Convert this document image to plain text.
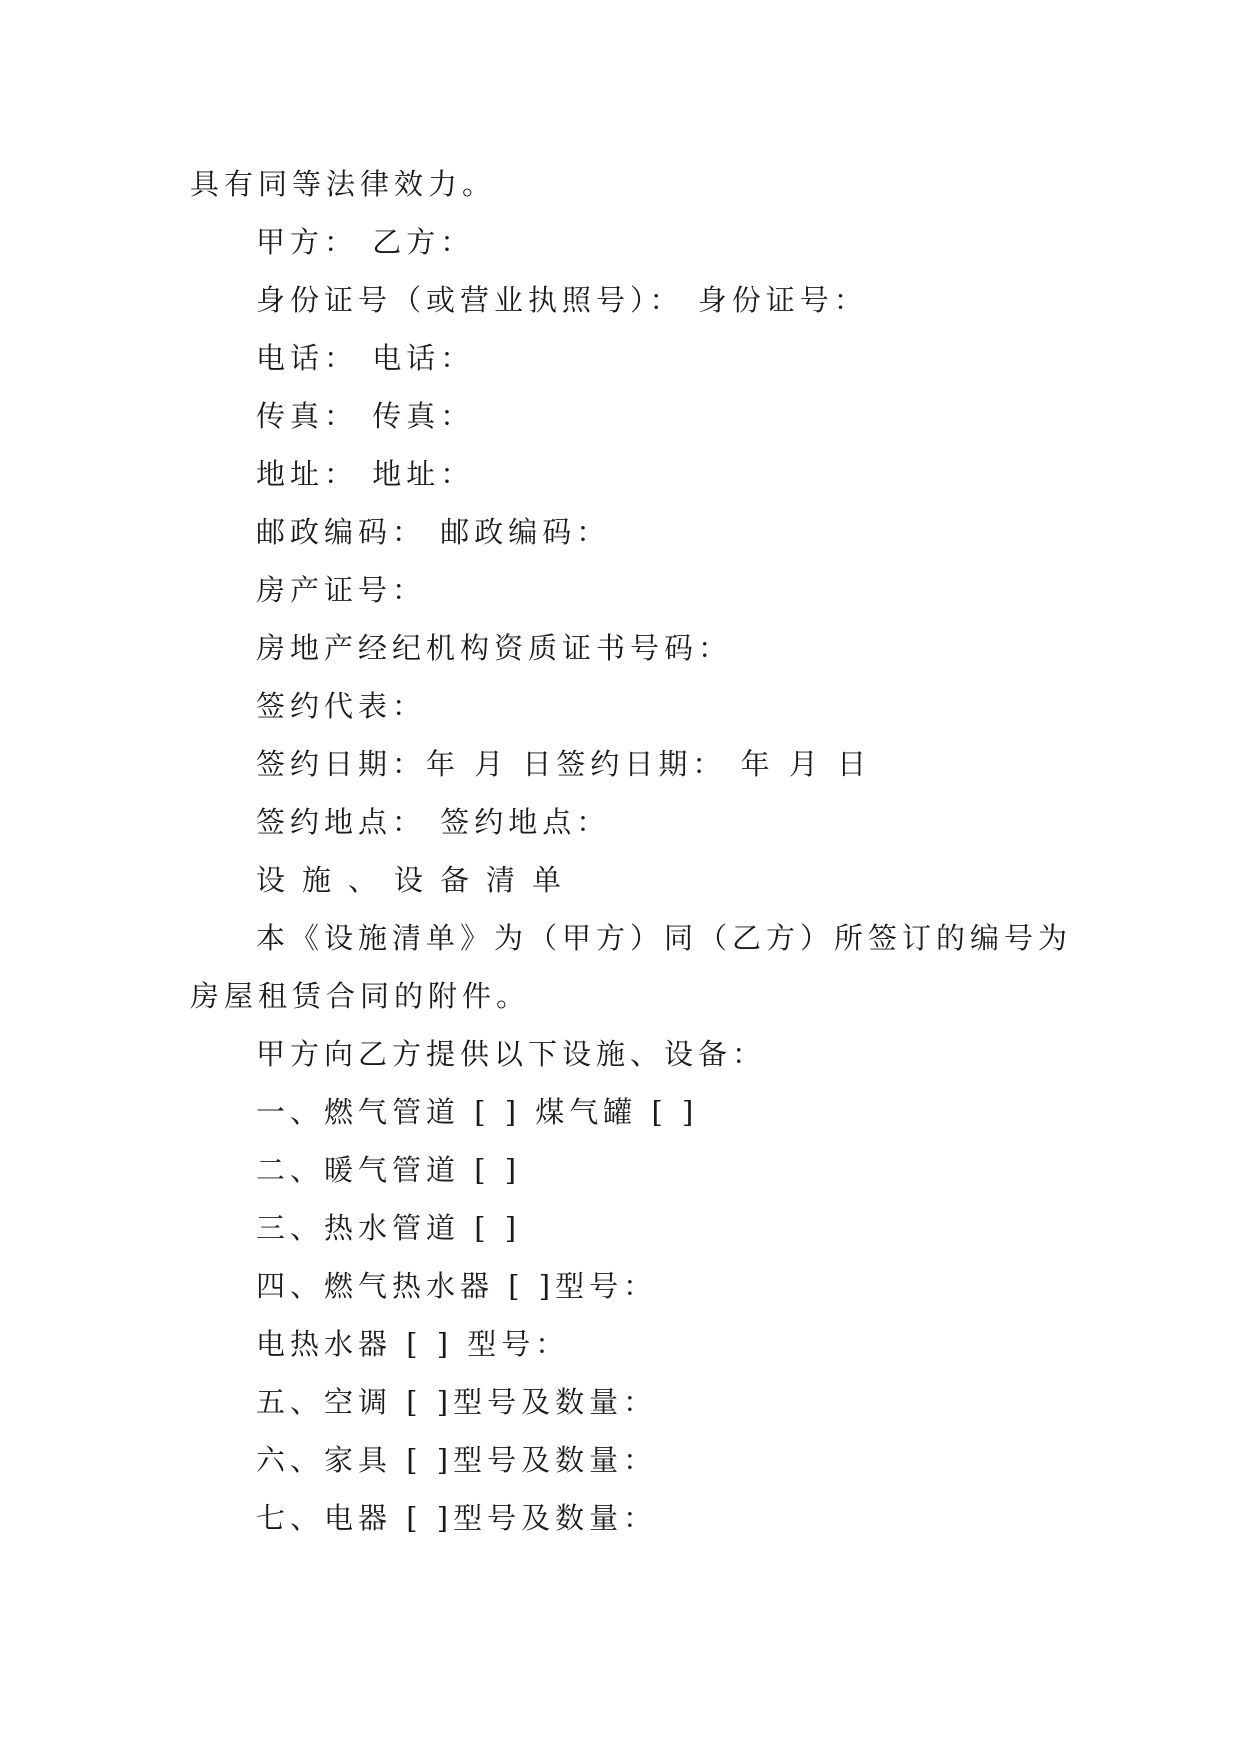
具有同等法律效力。
甲方： 乙方：
身份证号（或营业执照号）： 身份证号：
电话： 电话：
传真： 传真：
地址： 地址：
邮政编码： 邮政编码：
房产证号：
房地产经纪机构资质证书号码：
签约代表：
签约日期：年 月 日签约日期： 年 月 日
签约地点： 签约地点：
设施、设备清单
本《设施清单》为（甲方）同（乙方）所签订的编号为
房屋租赁合同的附件。
甲方向乙方提供以下设施、设备：
一、燃气管道 [ ] 煤气罐 [ ]
二、暖气管道 [ ]
三、热水管道 [ ]
四、燃气热水器 [ ]型号：
电热水器 [ ] 型号：
五、空调 [ ]型号及数量：
六、家具 [ ]型号及数量：
七、电器 [ ]型号及数量：
